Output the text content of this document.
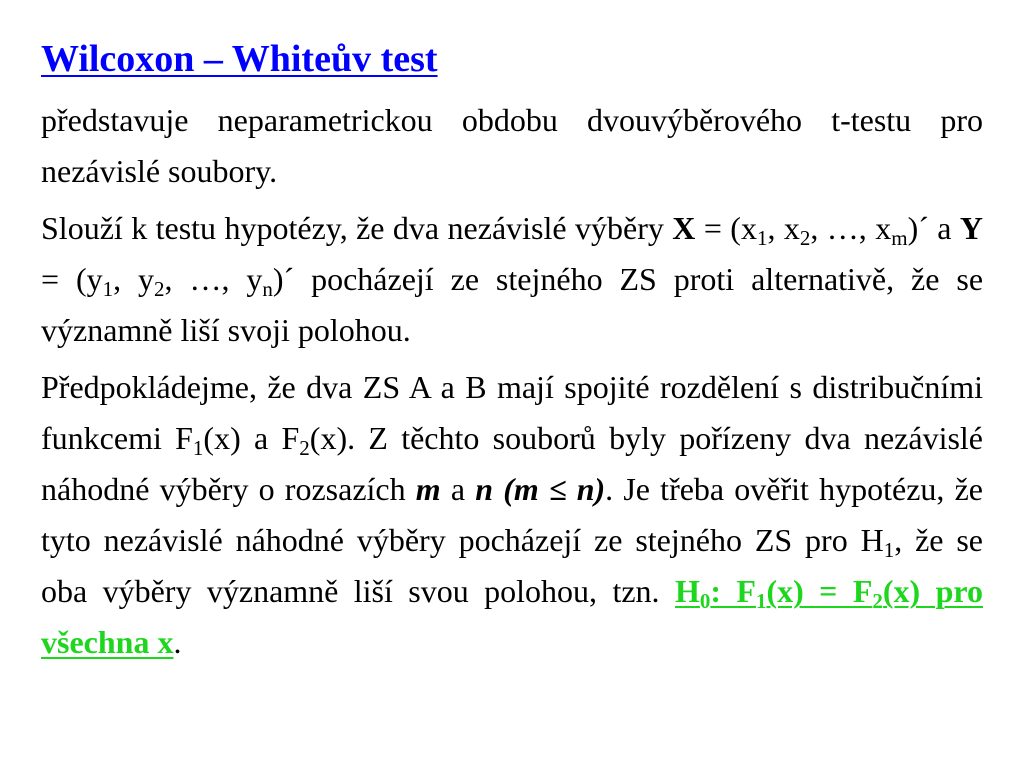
Wilcoxon – Whiteův test

představuje neparametrickou obdobu dvouvýběrového t-testu pro nezávislé soubory.

Slouží k testu hypotézy, že dva nezávislé výběry $X = (x_1$, $x_2$, …, $x_m)´$ a $Y = (y_1$, $y_2$, …, $y_n)´$ pocházejí ze stejného ZS proti alternativě, že se významně liší svoji polohou.

Předpokládejme, že dva ZS A a B mají spojité rozdělení s distribučními funkcemi $F_1(x)$ a $F_2(x)$. Z těchto souborů byly pořízeny dva nezávislé náhodné výběry o rozsazích m a n (m ≤ n). Je třeba ověřit hypotézu, že tyto nezávislé náhodné výběry pocházejí ze stejného ZS pro $H_1$, že se oba výběry významně liší svou polohou, tzn. $H_0$: $F_1(x) = F_2(x)$ pro všechna x.
